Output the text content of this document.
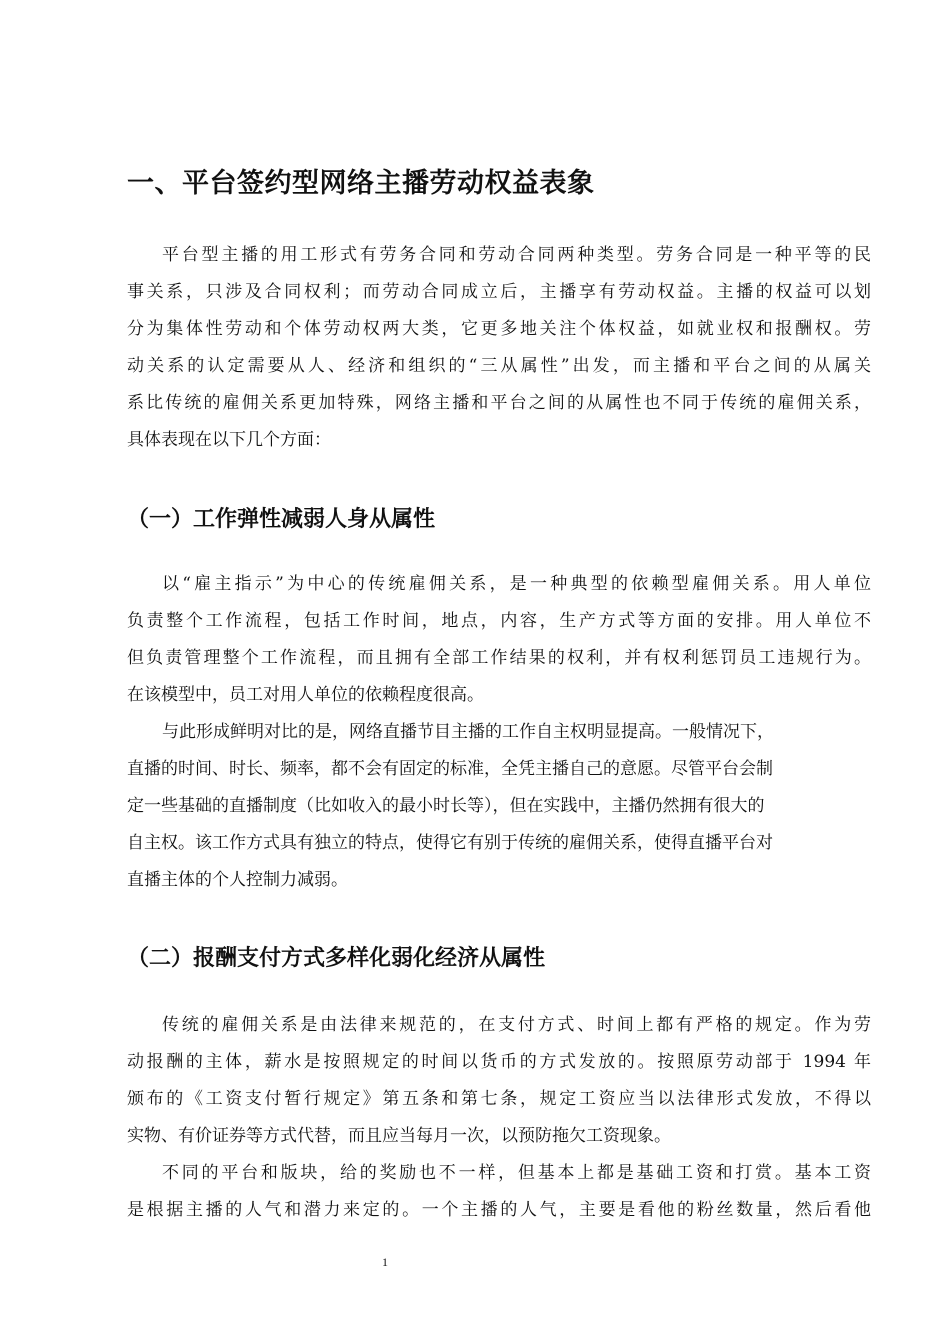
一、平台签约型网络主播劳动权益表象
平台型主播的用工形式有劳务合同和劳动合同两种类型。劳务合同是一种平等的民
事关系，只涉及合同权利；而劳动合同成立后，主播享有劳动权益。主播的权益可以划
分为集体性劳动和个体劳动权两大类，它更多地关注个体权益，如就业权和报酬权。劳
动关系的认定需要从人、经济和组织的“三从属性”出发，而主播和平台之间的从属关
系比传统的雇佣关系更加特殊，网络主播和平台之间的从属性也不同于传统的雇佣关系，
具体表现在以下几个方面：
（一）工作弹性减弱人身从属性
以“雇主指示”为中心的传统雇佣关系，是一种典型的依赖型雇佣关系。用人单位
负责整个工作流程，包括工作时间，地点，内容，生产方式等方面的安排。用人单位不
但负责管理整个工作流程，而且拥有全部工作结果的权利，并有权利惩罚员工违规行为。
在该模型中，员工对用人单位的依赖程度很高。
与此形成鲜明对比的是，网络直播节目主播的工作自主权明显提高。一般情况下，
直播的时间、时长、频率，都不会有固定的标准，全凭主播自己的意愿。尽管平台会制
定一些基础的直播制度（比如收入的最小时长等），但在实践中，主播仍然拥有很大的
自主权。该工作方式具有独立的特点，使得它有别于传统的雇佣关系，使得直播平台对
直播主体的个人控制力减弱。
（二）报酬支付方式多样化弱化经济从属性
传统的雇佣关系是由法律来规范的，在支付方式、时间上都有严格的规定。作为劳
动报酬的主体，薪水是按照规定的时间以货币的方式发放的。按照原劳动部于 1994 年
颁布的《工资支付暂行规定》第五条和第七条，规定工资应当以法律形式发放，不得以
实物、有价证券等方式代替，而且应当每月一次，以预防拖欠工资现象。
不同的平台和版块，给的奖励也不一样，但基本上都是基础工资和打赏。基本工资
是根据主播的人气和潜力来定的。一个主播的人气，主要是看他的粉丝数量，然后看他
1
